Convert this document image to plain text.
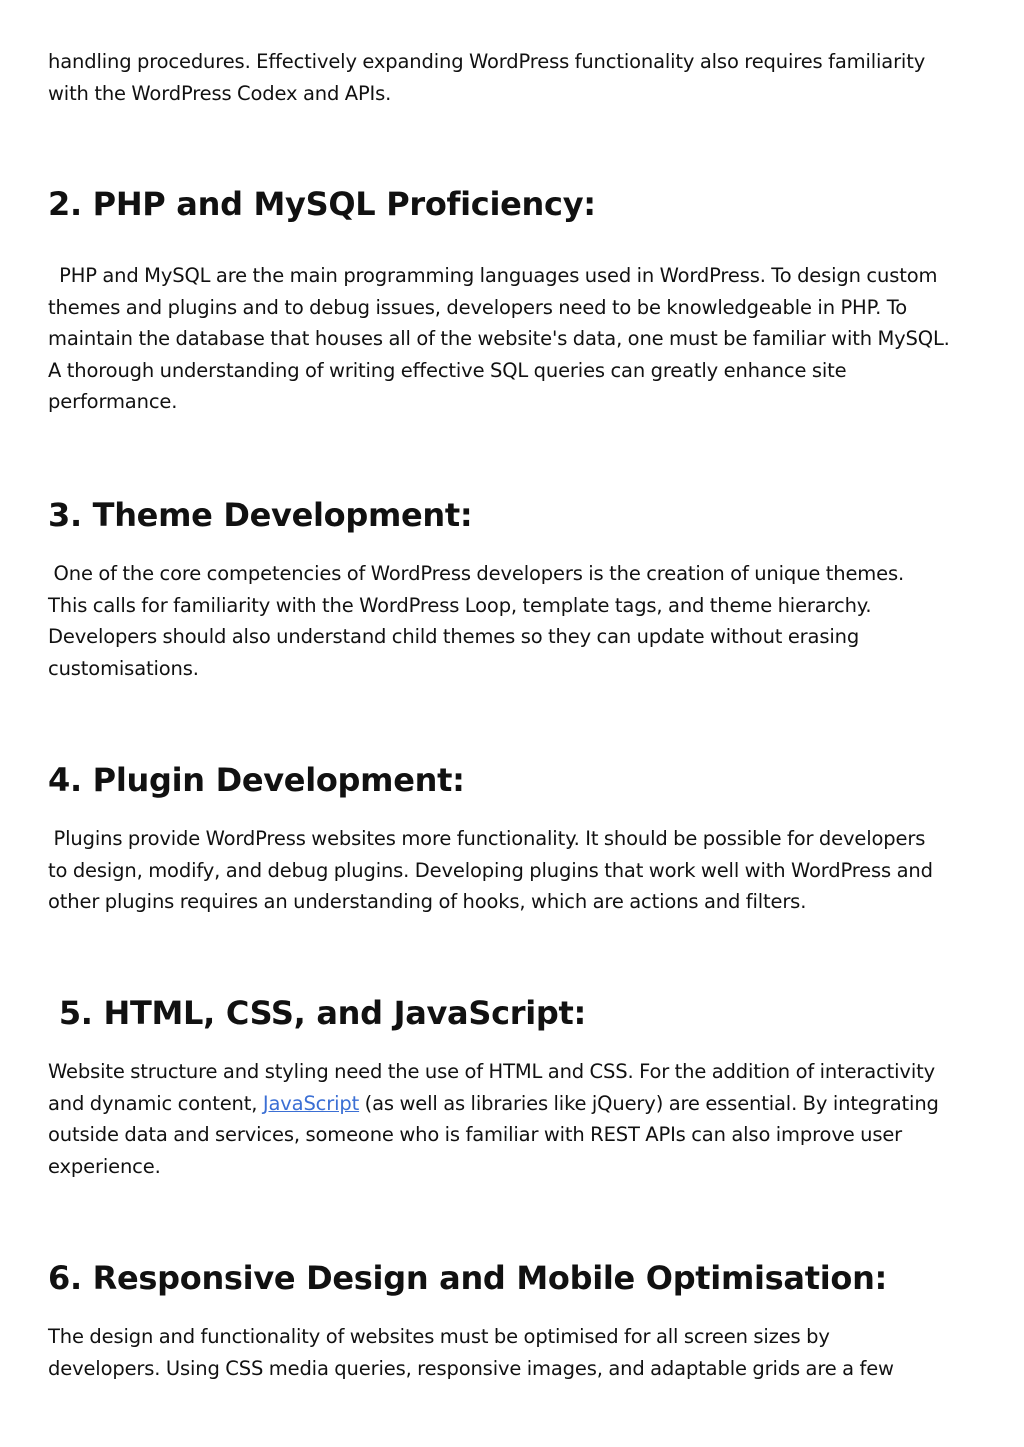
handling procedures. Effectively expanding WordPress functionality also requires familiarity
with the WordPress Codex and APIs.

2. PHP and MySQL Proficiency:

PHP and MySQL are the main programming languages used in WordPress. To design custom
themes and plugins and to debug issues, developers need to be knowledgeable in PHP. To
maintain the database that houses all of the website's data, one must be familiar with MySQL.
A thorough understanding of writing effective SQL queries can greatly enhance site
performance.

3. Theme Development:

One of the core competencies of WordPress developers is the creation of unique themes.
This calls for familiarity with the WordPress Loop, template tags, and theme hierarchy.
Developers should also understand child themes so they can update without erasing
customisations.

4. Plugin Development:

Plugins provide WordPress websites more functionality. It should be possible for developers
to design, modify, and debug plugins. Developing plugins that work well with WordPress and
other plugins requires an understanding of hooks, which are actions and filters.

5. HTML, CSS, and JavaScript:

Website structure and styling need the use of HTML and CSS. For the addition of interactivity
and dynamic content, JavaScript (as well as libraries like jQuery) are essential. By integrating
outside data and services, someone who is familiar with REST APIs can also improve user
experience.

6. Responsive Design and Mobile Optimisation:

The design and functionality of websites must be optimised for all screen sizes by
developers. Using CSS media queries, responsive images, and adaptable grids are a few
